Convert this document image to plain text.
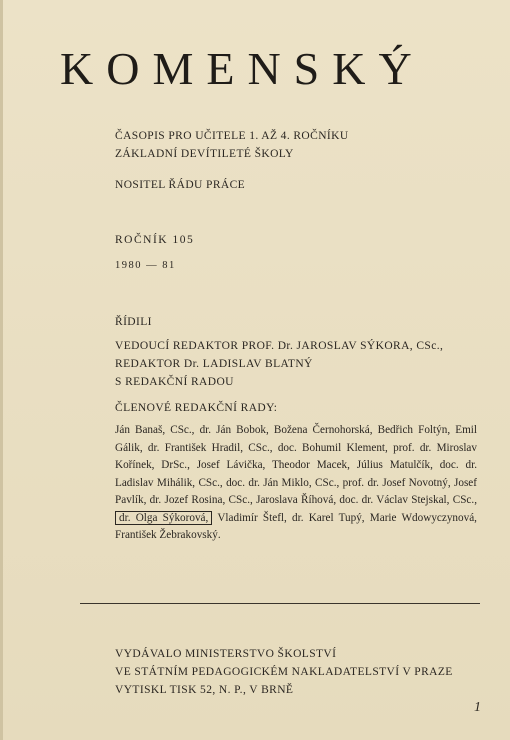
KOMENSKÝ
ČASOPIS PRO UČITELE 1. AŽ 4. ROČNÍKU
ZÁKLADNÍ DEVÍTILETÉ ŠKOLY
NOSITEL ŘÁDU PRÁCE
ROČNÍK 105
1980 — 81
ŘÍDILI
VEDOUCÍ REDAKTOR PROF. Dr. JAROSLAV SÝKORA, CSc.,
REDAKTOR Dr. LADISLAV BLATNÝ
S REDAKČNÍ RADOU
ČLENOVÉ REDAKČNÍ RADY:
Ján Banaš, CSc., dr. Ján Bobok, Božena Černohorská, Bedřich Foltýn, Emil Gálik, dr. František Hradil, CSc., doc. Bohumil Klement, prof. dr. Miroslav Kořínek, DrSc., Josef Lávička, Theodor Macek, Július Matulčík, doc. dr. Ladislav Mihálik, CSc., doc. dr. Ján Miklo, CSc., prof. dr. Josef Novotný, Josef Pavlík, dr. Jozef Rosina, CSc., Jaroslava Říhová, doc. dr. Václav Stejskal, CSc., dr. Olga Sýkorová, Vladimír Štefl, dr. Karel Tupý, Marie Wdowyczynová, František Žebrakovský.
VYDÁVALO MINISTERSTVO ŠKOLSTVÍ
VE STÁTNÍM PEDAGOGICKÉM NAKLADATELSTVÍ V PRAZE
VYTISKL TISK 52, N. P., V BRNĚ
1
